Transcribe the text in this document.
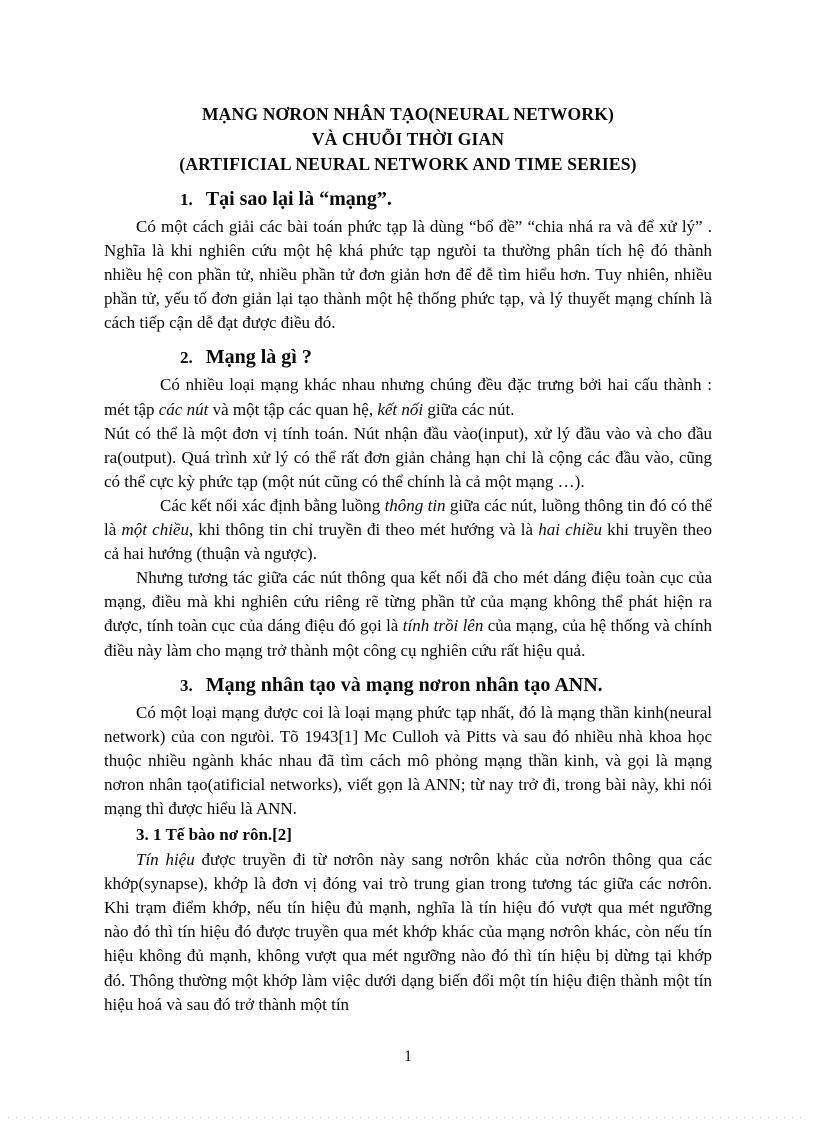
MẠNG NƠRON NHÂN TẠO(NEURAL NETWORK)
VÀ CHUỖI THỜI GIAN
(ARTIFICIAL NEURAL NETWORK AND TIME SERIES)
1. Tại sao lại là “mạng”.

Có một cách giải các bài toán phức tạp là dùng “bổ đề” “chia nhá ra và để xử lý” . Nghĩa là khi nghiên cứu một hệ khá phức tạp ngưòi ta thường phân tích hệ đó thành nhiều hệ con phần tử, nhiều phần tử đơn giản hơn để đễ tìm hiểu hơn. Tuy nhiên, nhiều phần tử, yếu tố đơn giản lại tạo thành một hệ thống phức tạp, và lý thuyết mạng chính là cách tiếp cận dễ đạt được điều đó.

2. Mạng là gì ?

Có nhiều loại mạng khác nhau nhưng chúng đều đặc trưng bởi hai cấu thành : mét tập các nút và một tập các quan hệ, kết nối giữa các nút.

Nút có thể là một đơn vị tính toán. Nút nhận đầu vào(input), xử lý đầu vào và cho đầu ra(output). Quá trình xử lý có thể rất đơn giản chảng hạn chỉ là cộng các đầu vào, cũng có thể cực kỳ phức tạp (một nút cũng có thể chính là cả một mạng …).

Các kết nối xác định bằng luồng thông tin giữa các nút, luồng thông tin đó có thể là một chiều, khi thông tin chỉ truyền đi theo mét hướng và là hai chiều khi truyền theo cả hai hướng (thuận và ngược).

Nhưng tương tác giữa các nút thông qua kết nối đã cho mét dáng điệu toàn cục của mạng, điều mà khi nghiên cứu riêng rẽ từng phần tử của mạng không thể phát hiện ra được, tính toàn cục của dáng điệu đó gọi là tính trồi lên của mạng, của hệ thống và chính điều này làm cho mạng trở thành một công cụ nghiên cứu rất hiệu quả.

3. Mạng nhân tạo và mạng nơron nhân tạo ANN.

Có một loại mạng được coi là loại mạng phức tạp nhất, đó là mạng thần kinh(neural network) của con ngưòi. Tõ 1943[1] Mc Culloh và Pitts và sau đó nhiều nhà khoa học thuộc nhiều ngành khác nhau đã tìm cách mô phỏng mạng thần kinh, và gọi là mạng nơron nhân tạo(atificial networks), viết gọn là ANN; từ nay trở đi, trong bài này, khi nói mạng thì được hiểu là ANN.

3. 1 Tế bào nơ rôn.[2]

Tín hiệu được truyền đi từ nơrôn này sang nơrôn khác của nơrôn thông qua các khớp(synapse), khớp là đơn vị đóng vai trò trung gian trong tương tác giữa các nơrôn. Khi trạm điểm khớp, nếu tín hiệu đủ mạnh, nghĩa là tín hiệu đó vượt qua mét ngưỡng nào đó thì tín hiệu đó được truyền qua mét khớp khác của mạng nơrôn khác, còn nếu tín hiệu không đủ mạnh, không vượt qua mét ngưỡng nào đó thì tín hiệu bị dừng tại khớp đó. Thông thường một khớp làm việc dưới dạng biến đổi một tín hiệu điện thành một tín hiệu hoá và sau đó trở thành một tín

1
